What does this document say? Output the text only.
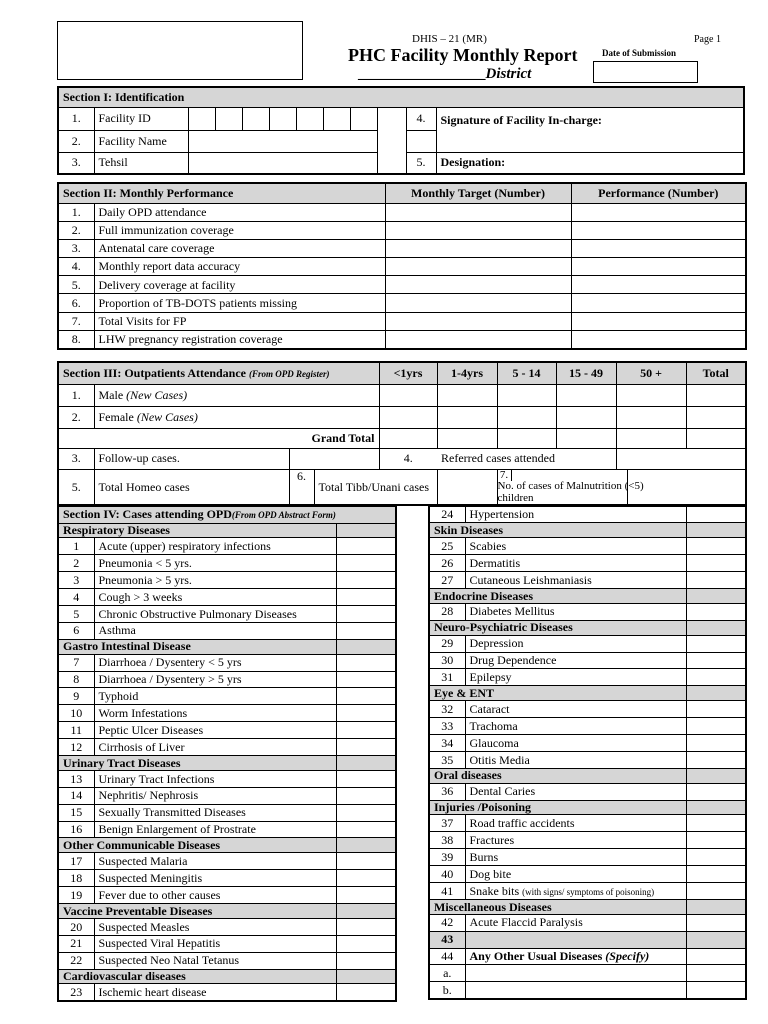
DHIS – 21 (MR)	Page 1
PHC Facility Monthly Report	Date of Submission
_________________District
Section I: Identification											
1.	Facility ID									4.	Signature of Facility In-charge:
2.	Facility Name										
3.	Tehsil									5.	Designation:
Section II: Monthly Performance		Monthly Target (Number)	Performance (Number)
1.	Daily OPD attendance		
2.	Full immunization coverage		
3.	Antenatal care coverage		
4.	Monthly report data accuracy		
5.	Delivery coverage at facility		
6.	Proportion of TB-DOTS patients missing		
7.	Total Visits for FP		
8.	LHW pregnancy registration coverage		
Section III: Outpatients Attendance (From OPD Register)				<1yrs	1-4yrs	5 - 14	15 - 49	50 +		Total
1.	Male (New Cases)									
2.	Female (New Cases)									
Grand Total										
3.	Follow-up cases.			4.	Referred cases attended					
5.	Total Homeo cases	6.	Total Tibb/Unani cases			7. No. of cases of Malnutrition (<5) children				
Section IV: Cases attending OPD(From OPD Abstract Form)		
Respiratory Diseases		
1	Acute (upper) respiratory infections	
2	Pneumonia < 5 yrs.	
3	Pneumonia > 5 yrs.	
4	Cough > 3 weeks	
5	Chronic Obstructive Pulmonary Diseases	
6	Asthma	
Gastro Intestinal Disease		
7	Diarrhoea / Dysentery < 5 yrs	
8	Diarrhoea / Dysentery > 5 yrs	
9	Typhoid	
10	Worm Infestations	
11	Peptic Ulcer Diseases	
12	Cirrhosis of Liver	
Urinary Tract Diseases		
13	Urinary Tract Infections	
14	Nephritis/ Nephrosis	
15	Sexually Transmitted Diseases	
16	Benign Enlargement of Prostrate	
Other Communicable Diseases		
17	Suspected Malaria	
18	Suspected Meningitis	
19	Fever due to other causes	
Vaccine Preventable Diseases		
20	Suspected Measles	
21	Suspected Viral Hepatitis	
22	Suspected Neo Natal Tetanus	
Cardiovascular diseases		
23	Ischemic heart disease	
24	Hypertension	
Skin Diseases		
25	Scabies	
26	Dermatitis	
27	Cutaneous Leishmaniasis	
Endocrine Diseases		
28	Diabetes Mellitus	
Neuro-Psychiatric Diseases		
29	Depression	
30	Drug Dependence	
31	Epilepsy	
Eye & ENT		
32	Cataract	
33	Trachoma	
34	Glaucoma	
35	Otitis Media	
Oral diseases		
36	Dental Caries	
Injuries /Poisoning		
37	Road traffic accidents	
38	Fractures	
39	Burns	
40	Dog bite	
41	Snake bits (with signs/ symptoms of poisoning)	
Miscellaneous Diseases		
42	Acute Flaccid Paralysis	
43		
44	Any Other Usual Diseases (Specify)	
a.		
b.		
